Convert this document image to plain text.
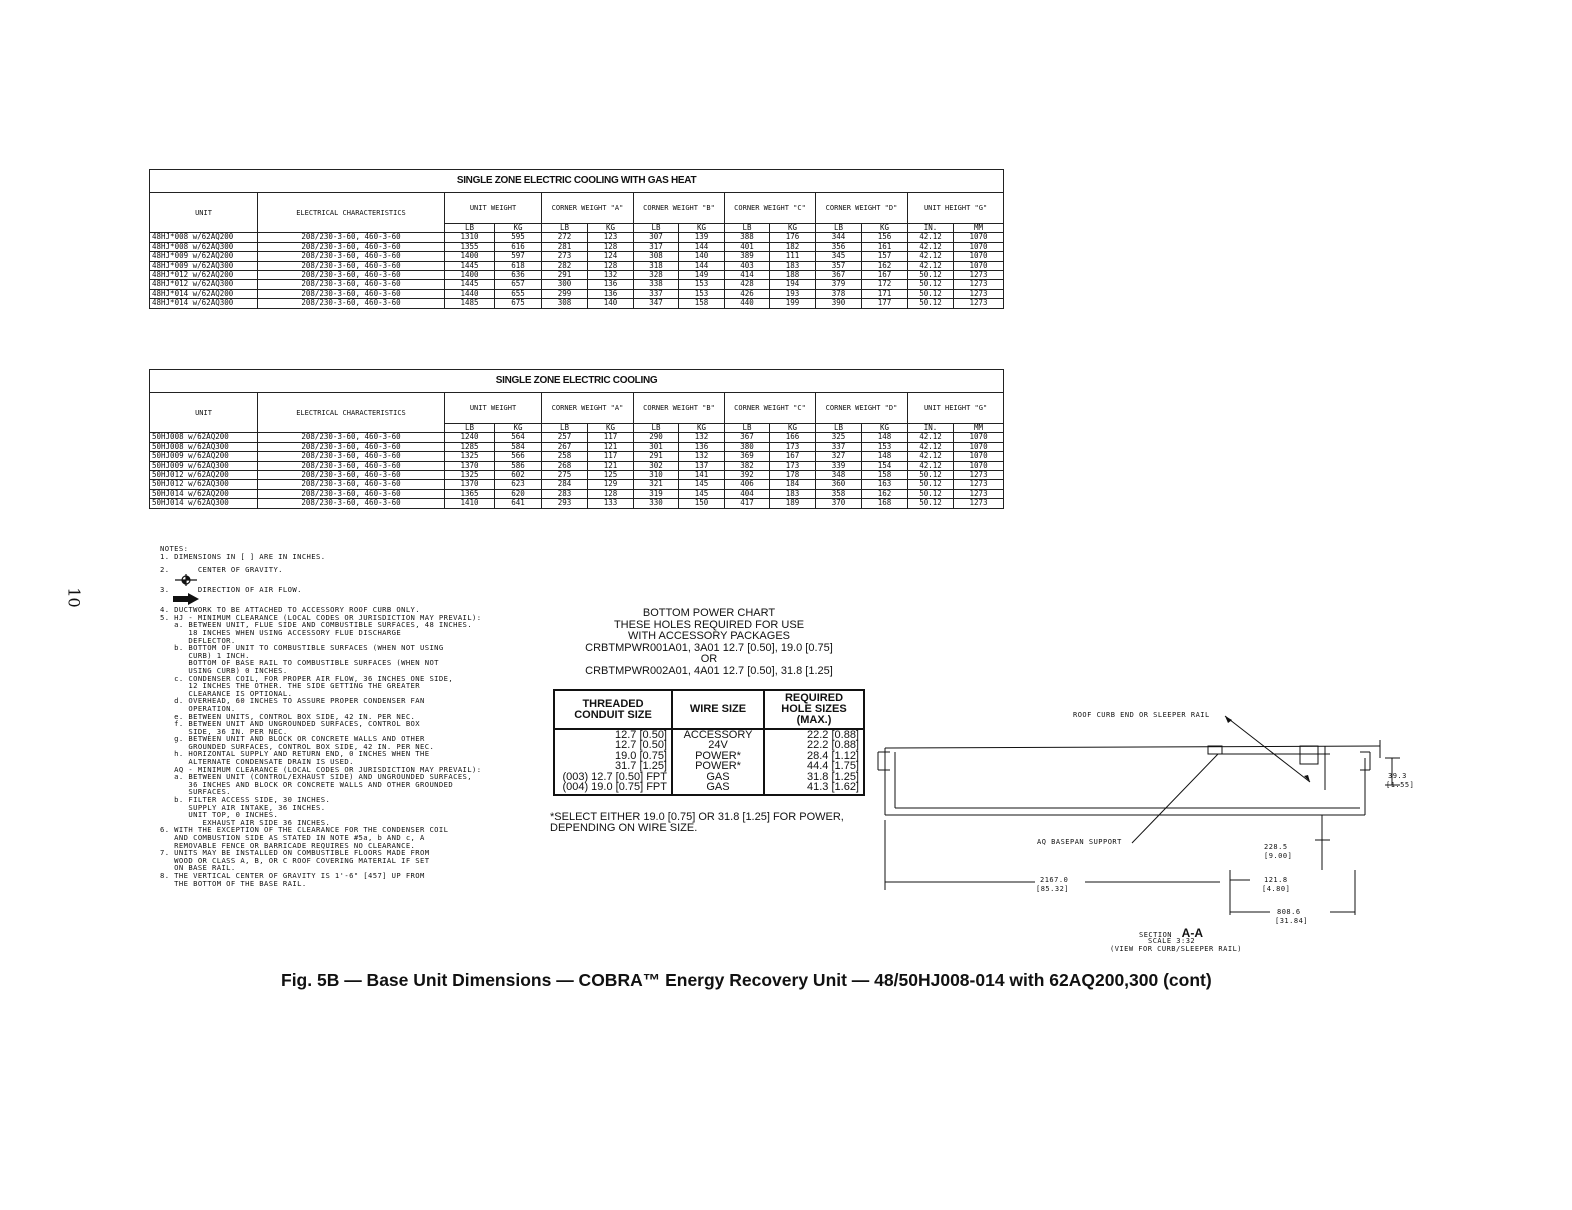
10
SINGLE ZONE ELECTRIC COOLING WITH GAS HEAT													
UNIT	ELECTRICAL CHARACTERISTICS	UNIT WEIGHT		CORNER WEIGHT "A"		CORNER WEIGHT "B"		CORNER WEIGHT "C"		CORNER WEIGHT "D"		UNIT HEIGHT "G"	
		LB	KG	LB	KG	LB	KG	LB	KG	LB	KG	IN.	MM
48HJ*008 w/62AQ200	208/230-3-60, 460-3-60	1310	595	272	123	307	139	388	176	344	156	42.12	1070
48HJ*008 w/62AQ300	208/230-3-60, 460-3-60	1355	616	281	128	317	144	401	182	356	161	42.12	1070
48HJ*009 w/62AQ200	208/230-3-60, 460-3-60	1400	597	273	124	308	140	389	111	345	157	42.12	1070
48HJ*009 w/62AQ300	208/230-3-60, 460-3-60	1445	618	282	128	318	144	403	183	357	162	42.12	1070
48HJ*012 w/62AQ200	208/230-3-60, 460-3-60	1400	636	291	132	328	149	414	188	367	167	50.12	1273
48HJ*012 w/62AQ300	208/230-3-60, 460-3-60	1445	657	300	136	338	153	428	194	379	172	50.12	1273
48HJ*014 w/62AQ200	208/230-3-60, 460-3-60	1440	655	299	136	337	153	426	193	378	171	50.12	1273
48HJ*014 w/62AQ300	208/230-3-60, 460-3-60	1485	675	308	140	347	158	440	199	390	177	50.12	1273
SINGLE ZONE ELECTRIC COOLING													
UNIT	ELECTRICAL CHARACTERISTICS	UNIT WEIGHT		CORNER WEIGHT "A"		CORNER WEIGHT "B"		CORNER WEIGHT "C"		CORNER WEIGHT "D"		UNIT HEIGHT "G"	
		LB	KG	LB	KG	LB	KG	LB	KG	LB	KG	IN.	MM
50HJ008 w/62AQ200	208/230-3-60, 460-3-60	1240	564	257	117	290	132	367	166	325	148	42.12	1070
50HJ008 w/62AQ300	208/230-3-60, 460-3-60	1285	584	267	121	301	136	380	173	337	153	42.12	1070
50HJ009 w/62AQ200	208/230-3-60, 460-3-60	1325	566	258	117	291	132	369	167	327	148	42.12	1070
50HJ009 w/62AQ300	208/230-3-60, 460-3-60	1370	586	268	121	302	137	382	173	339	154	42.12	1070
50HJ012 w/62AQ200	208/230-3-60, 460-3-60	1325	602	275	125	310	141	392	178	348	158	50.12	1273
50HJ012 w/62AQ300	208/230-3-60, 460-3-60	1370	623	284	129	321	145	406	184	360	163	50.12	1273
50HJ014 w/62AQ200	208/230-3-60, 460-3-60	1365	620	283	128	319	145	404	183	358	162	50.12	1273
50HJ014 w/62AQ300	208/230-3-60, 460-3-60	1410	641	293	133	330	150	417	189	370	168	50.12	1273
NOTES:
1. DIMENSIONS IN [ ] ARE IN INCHES.
2.      CENTER OF GRAVITY.
3.      DIRECTION OF AIR FLOW.
4. DUCTWORK TO BE ATTACHED TO ACCESSORY ROOF CURB ONLY.
5. HJ - MINIMUM CLEARANCE (LOCAL CODES OR JURISDICTION MAY PREVAIL):
a. BETWEEN UNIT, FLUE SIDE AND COMBUSTIBLE SURFACES, 48 INCHES.
18 INCHES WHEN USING ACCESSORY FLUE DISCHARGE
DEFLECTOR.
b. BOTTOM OF UNIT TO COMBUSTIBLE SURFACES (WHEN NOT USING
CURB) 1 INCH.
BOTTOM OF BASE RAIL TO COMBUSTIBLE SURFACES (WHEN NOT
USING CURB) 0 INCHES.
c. CONDENSER COIL, FOR PROPER AIR FLOW, 36 INCHES ONE SIDE,
12 INCHES THE OTHER. THE SIDE GETTING THE GREATER
CLEARANCE IS OPTIONAL.
d. OVERHEAD, 60 INCHES TO ASSURE PROPER CONDENSER FAN
OPERATION.
e. BETWEEN UNITS, CONTROL BOX SIDE, 42 IN. PER NEC.
f. BETWEEN UNIT AND UNGROUNDED SURFACES, CONTROL BOX
SIDE, 36 IN. PER NEC.
g. BETWEEN UNIT AND BLOCK OR CONCRETE WALLS AND OTHER
GROUNDED SURFACES, CONTROL BOX SIDE, 42 IN. PER NEC.
h. HORIZONTAL SUPPLY AND RETURN END, 0 INCHES WHEN THE
ALTERNATE CONDENSATE DRAIN IS USED.
AQ - MINIMUM CLEARANCE (LOCAL CODES OR JURISDICTION MAY PREVAIL):
a. BETWEEN UNIT (CONTROL/EXHAUST SIDE) AND UNGROUNDED SURFACES,
36 INCHES AND BLOCK OR CONCRETE WALLS AND OTHER GROUNDED
SURFACES.
b. FILTER ACCESS SIDE, 30 INCHES.
SUPPLY AIR INTAKE, 36 INCHES.
UNIT TOP, 0 INCHES.
EXHAUST AIR SIDE 36 INCHES.
6. WITH THE EXCEPTION OF THE CLEARANCE FOR THE CONDENSER COIL
AND COMBUSTION SIDE AS STATED IN NOTE #5a, b AND c, A
REMOVABLE FENCE OR BARRICADE REQUIRES NO CLEARANCE.
7. UNITS MAY BE INSTALLED ON COMBUSTIBLE FLOORS MADE FROM
WOOD OR CLASS A, B, OR C ROOF COVERING MATERIAL IF SET
ON BASE RAIL.
8. THE VERTICAL CENTER OF GRAVITY IS 1'-6" [457] UP FROM
THE BOTTOM OF THE BASE RAIL.
BOTTOM POWER CHART
THESE HOLES REQUIRED FOR USE
WITH ACCESSORY PACKAGES
CRBTMPWR001A01, 3A01 12.7 [0.50], 19.0 [0.75]
OR
CRBTMPWR002A01, 4A01 12.7 [0.50], 31.8 [1.25]
THREADED CONDUIT SIZE	WIRE SIZE	REQUIRED HOLE SIZES (MAX.)
12.7 [0.50]	ACCESSORY	22.2 [0.88]
12.7 [0.50]	24V	22.2 [0.88]
19.0 [0.75]	POWER*	28.4 [1.12]
31.7 [1.25]	POWER*	44.4 [1.75]
(003) 12.7 [0.50] FPT	GAS	31.8 [1.25]
(004) 19.0 [0.75] FPT	GAS	41.3 [1.62]
*SELECT EITHER 19.0 [0.75] OR 31.8 [1.25] FOR POWER, DEPENDING ON WIRE SIZE.
ROOF CURB END OR SLEEPER RAIL
AQ BASEPAN SUPPORT
39.3
[1.55]
228.5
[9.00]
2167.0
[85.32]
121.8
[4.80]
808.6
[31.84]
SECTION A-A
SCALE 3:32
(VIEW FOR CURB/SLEEPER RAIL)
Fig. 5B — Base Unit Dimensions — COBRA™ Energy Recovery Unit — 48/50HJ008-014 with 62AQ200,300 (cont)
